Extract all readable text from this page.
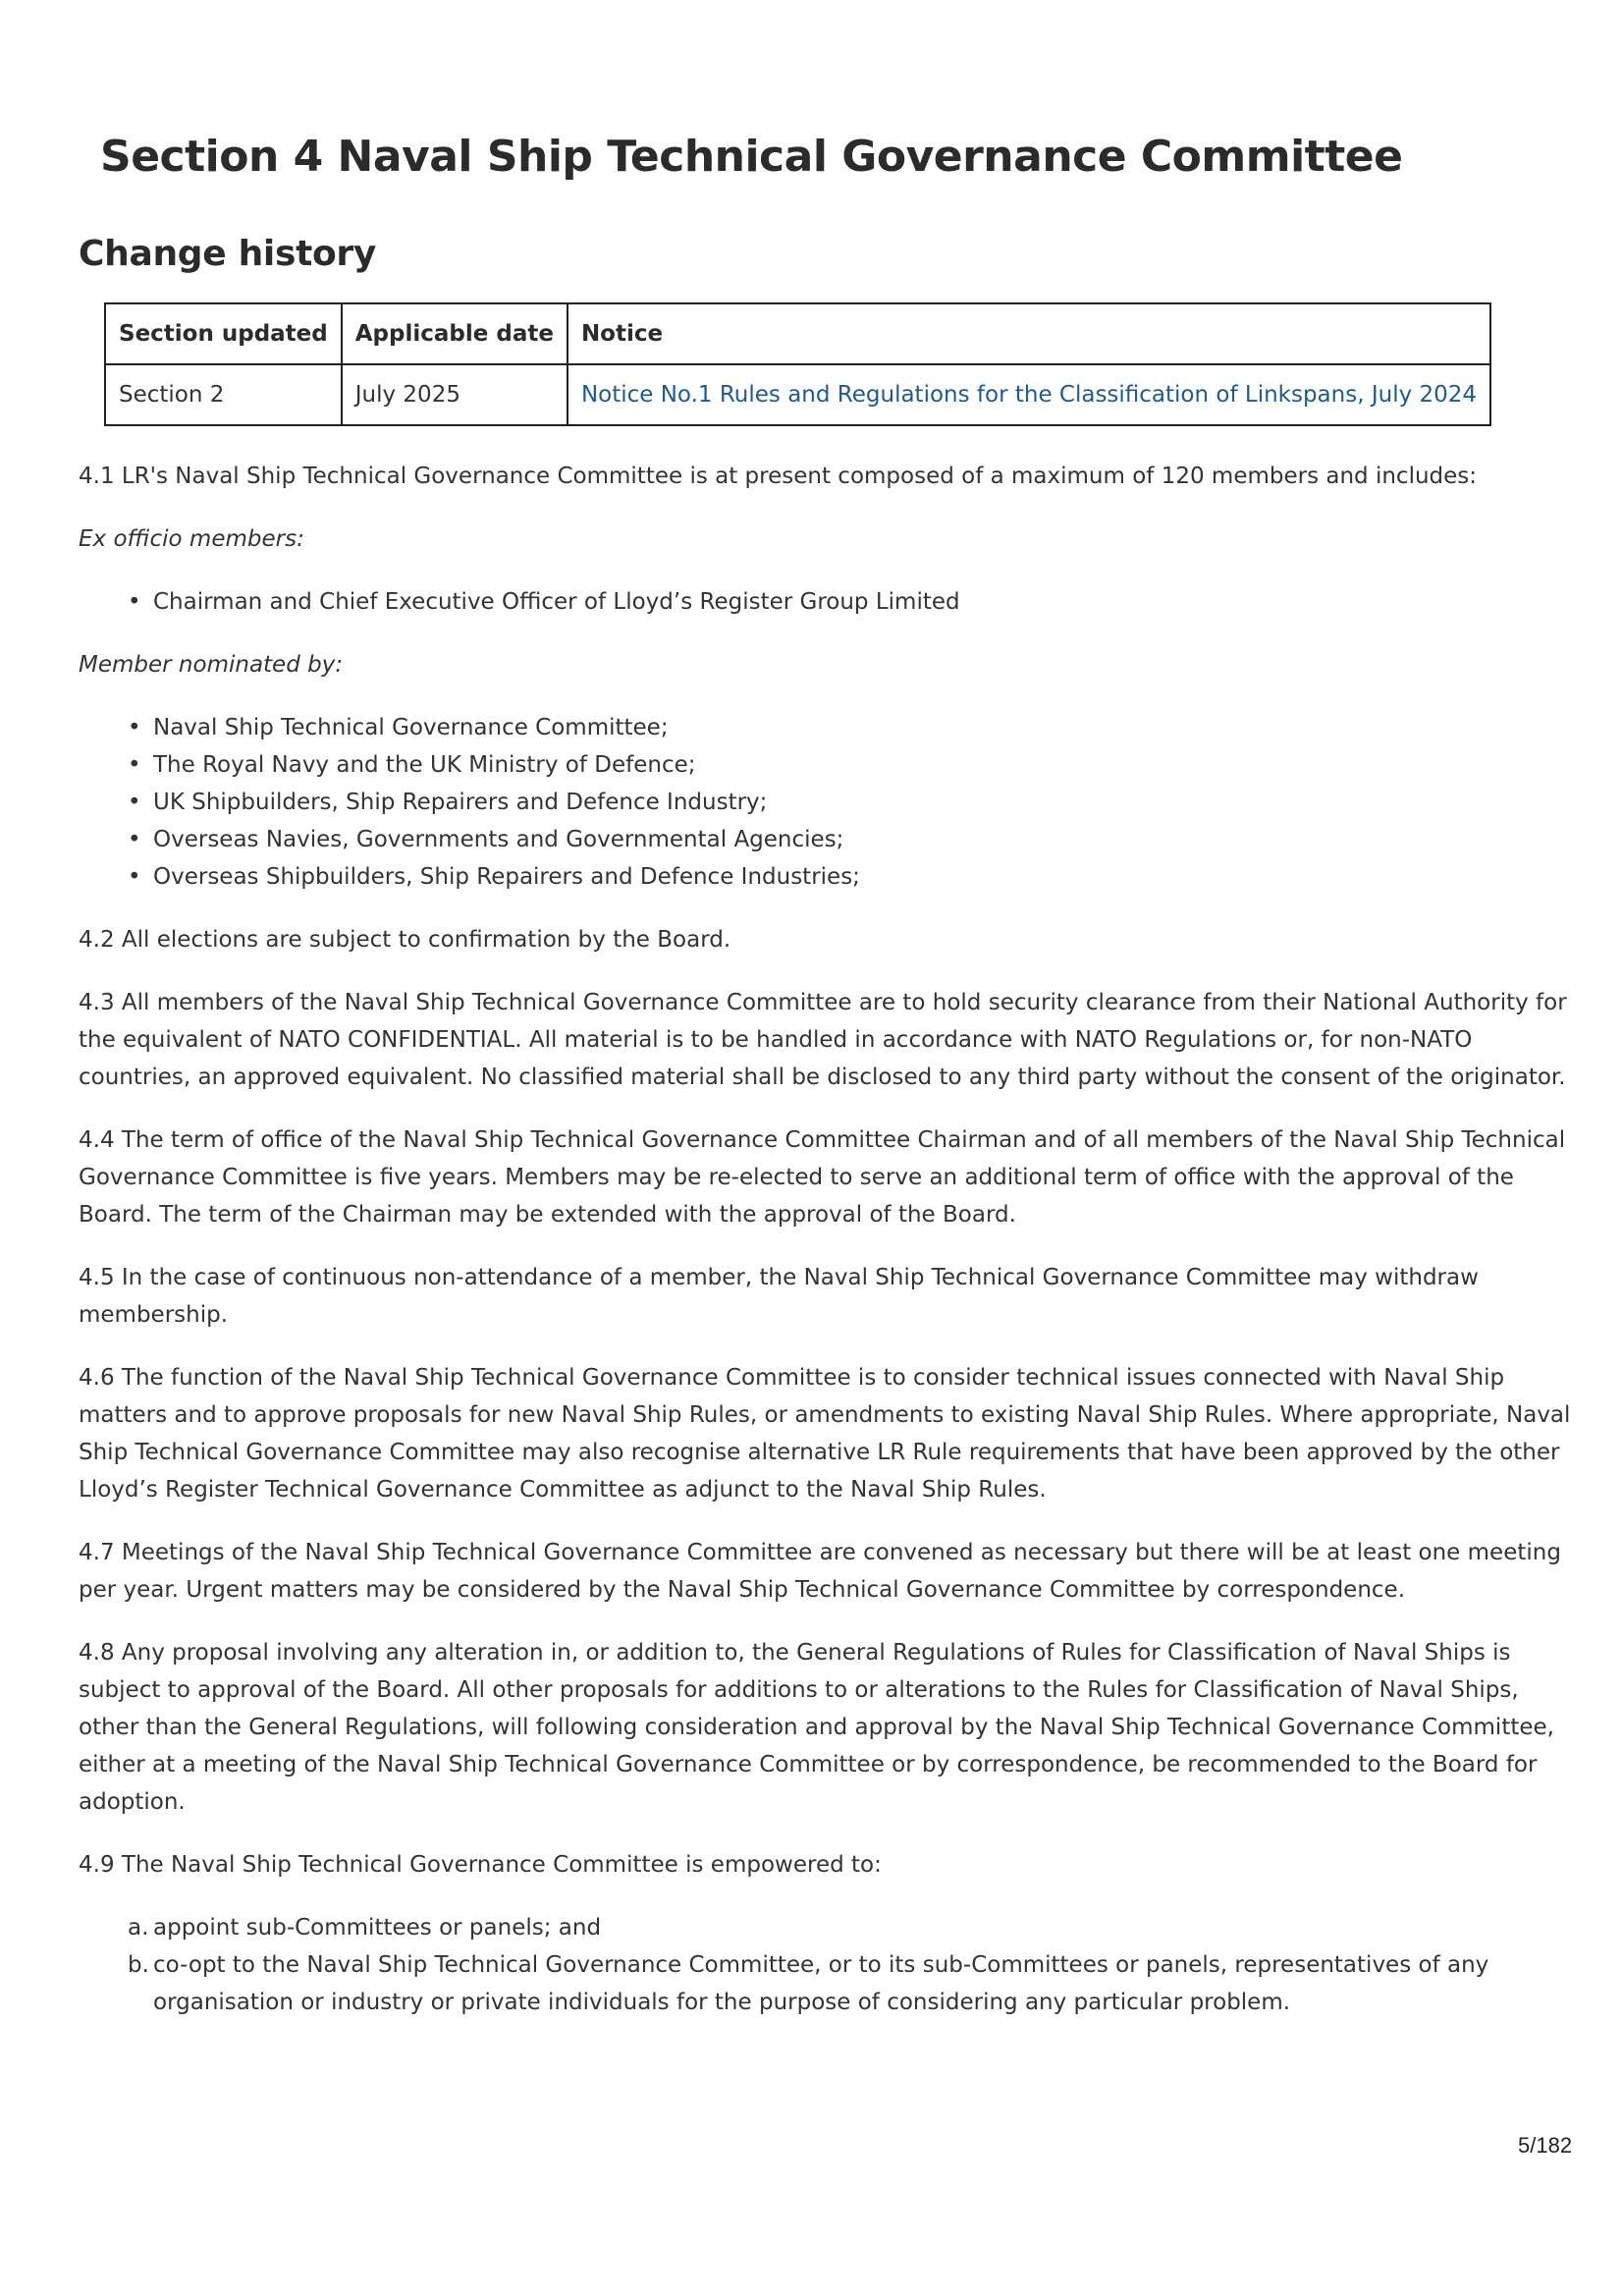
Section 4 Naval Ship Technical Governance Committee
Change history
Section updated	Applicable date	Notice
Section 2	July 2025	Notice No.1 Rules and Regulations for the Classification of Linkspans, July 2024

4.1 LR's Naval Ship Technical Governance Committee is at present composed of a maximum of 120 members and includes:

Ex officio members:

• Chairman and Chief Executive Officer of Lloyd’s Register Group Limited

Member nominated by:

• Naval Ship Technical Governance Committee;
• The Royal Navy and the UK Ministry of Defence;
• UK Shipbuilders, Ship Repairers and Defence Industry;
• Overseas Navies, Governments and Governmental Agencies;
• Overseas Shipbuilders, Ship Repairers and Defence Industries;

4.2 All elections are subject to confirmation by the Board.

4.3 All members of the Naval Ship Technical Governance Committee are to hold security clearance from their National Authority for the equivalent of NATO CONFIDENTIAL. All material is to be handled in accordance with NATO Regulations or, for non-NATO countries, an approved equivalent. No classified material shall be disclosed to any third party without the consent of the originator.

4.4 The term of office of the Naval Ship Technical Governance Committee Chairman and of all members of the Naval Ship Technical Governance Committee is five years. Members may be re-elected to serve an additional term of office with the approval of the Board. The term of the Chairman may be extended with the approval of the Board.

4.5 In the case of continuous non-attendance of a member, the Naval Ship Technical Governance Committee may withdraw membership.

4.6 The function of the Naval Ship Technical Governance Committee is to consider technical issues connected with Naval Ship matters and to approve proposals for new Naval Ship Rules, or amendments to existing Naval Ship Rules. Where appropriate, Naval Ship Technical Governance Committee may also recognise alternative LR Rule requirements that have been approved by the other Lloyd’s Register Technical Governance Committee as adjunct to the Naval Ship Rules.

4.7 Meetings of the Naval Ship Technical Governance Committee are convened as necessary but there will be at least one meeting per year. Urgent matters may be considered by the Naval Ship Technical Governance Committee by correspondence.

4.8 Any proposal involving any alteration in, or addition to, the General Regulations of Rules for Classification of Naval Ships is subject to approval of the Board. All other proposals for additions to or alterations to the Rules for Classification of Naval Ships, other than the General Regulations, will following consideration and approval by the Naval Ship Technical Governance Committee, either at a meeting of the Naval Ship Technical Governance Committee or by correspondence, be recommended to the Board for adoption.

4.9 The Naval Ship Technical Governance Committee is empowered to:

a. appoint sub-Committees or panels; and
b. co-opt to the Naval Ship Technical Governance Committee, or to its sub-Committees or panels, representatives of any organisation or industry or private individuals for the purpose of considering any particular problem.
5/182
